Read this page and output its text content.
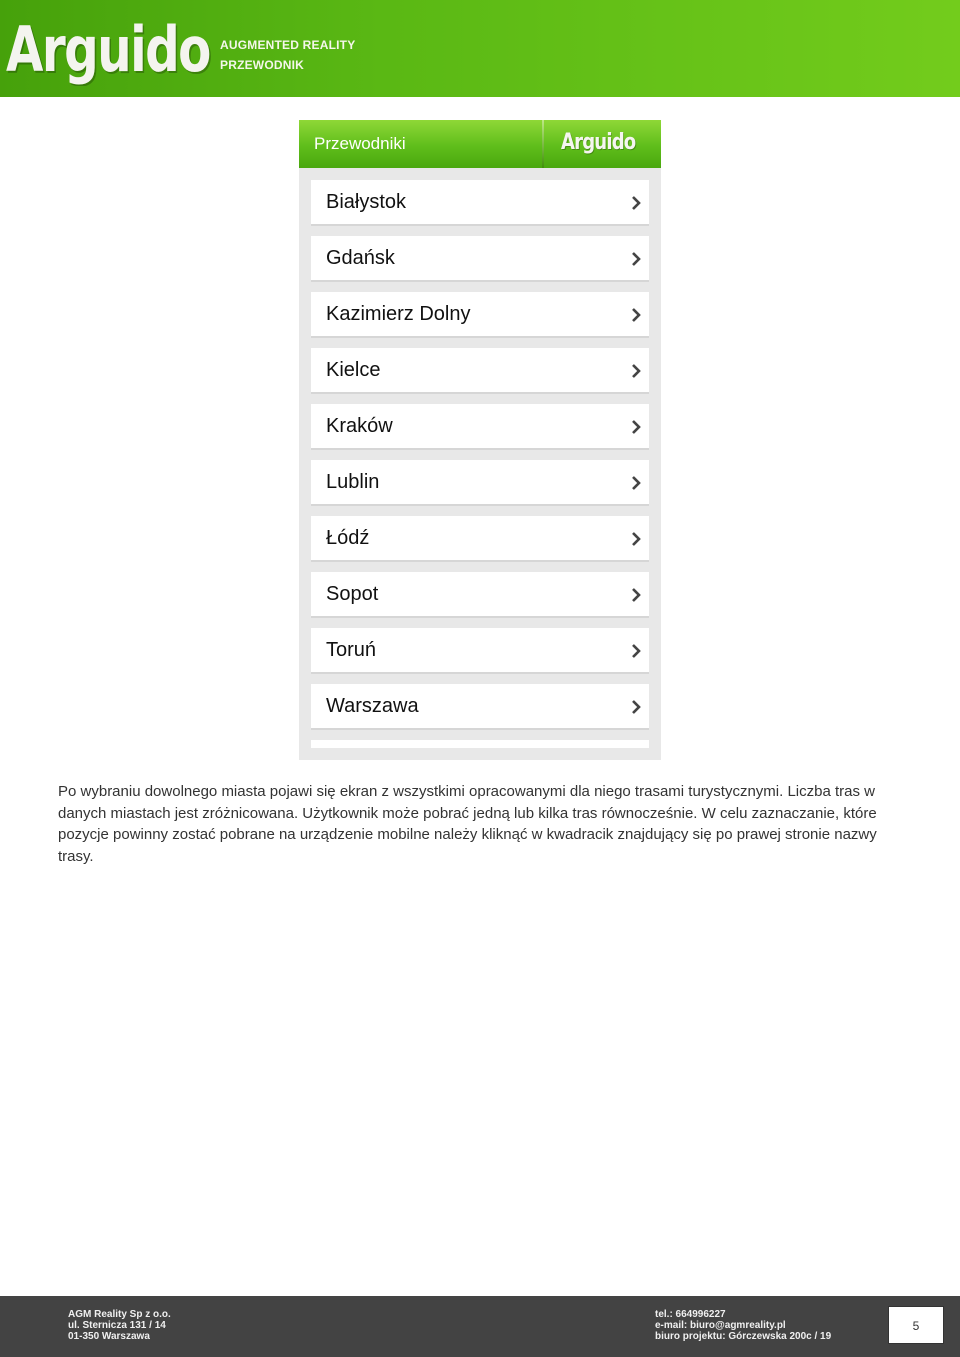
Arguido AUGMENTED REALITY
PRZEWODNIK
Przewodniki	Arguido
Białystok
Gdańsk
Kazimierz Dolny
Kielce
Kraków
Lublin
Łódź
Sopot
Toruń
Warszawa

Po wybraniu dowolnego miasta pojawi się ekran z wszystkimi opracowanymi dla niego trasami turystycznymi. Liczba tras w danych miastach jest zróżnicowana. Użytkownik może pobrać jedną lub kilka tras równocześnie. W celu zaznaczanie, które pozycje powinny zostać pobrane na urządzenie mobilne należy kliknąć w kwadracik znajdujący się po prawej stronie nazwy trasy.

AGM Reality Sp z o.o.
ul. Sternicza 131 / 14
01-350 Warszawa
tel.: 664996227
e-mail: biuro@agmreality.pl
biuro projektu: Górczewska 200c / 19
5
